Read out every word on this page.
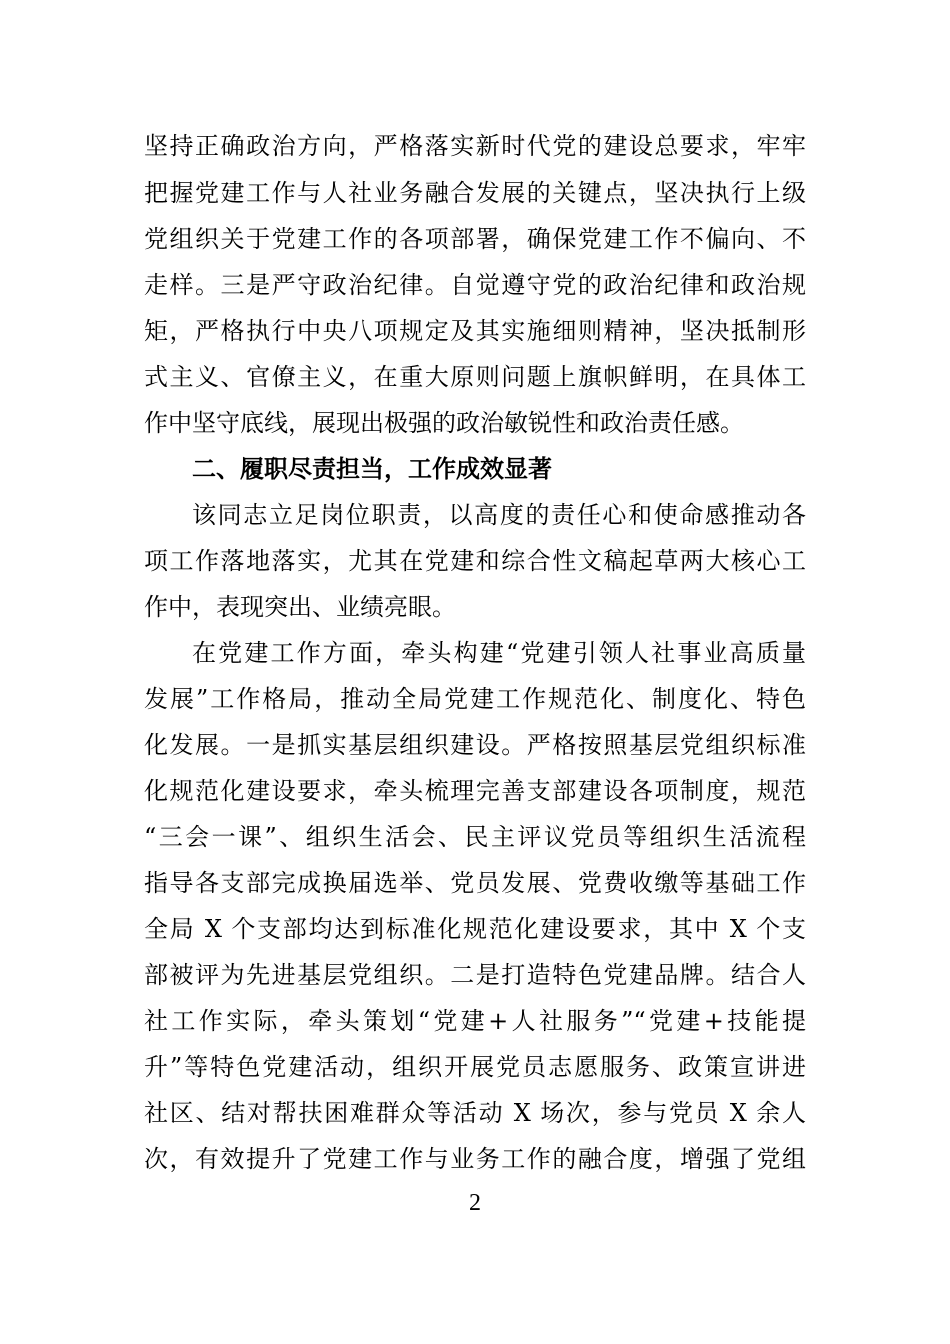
坚持正确政治方向，严格落实新时代党的建设总要求，牢牢
把握党建工作与人社业务融合发展的关键点，坚决执行上级
党组织关于党建工作的各项部署，确保党建工作不偏向、不
走样。三是严守政治纪律。自觉遵守党的政治纪律和政治规
矩，严格执行中央八项规定及其实施细则精神，坚决抵制形
式主义、官僚主义，在重大原则问题上旗帜鲜明，在具体工
作中坚守底线，展现出极强的政治敏锐性和政治责任感。
二、履职尽责担当，工作成效显著
该同志立足岗位职责，以高度的责任心和使命感推动各
项工作落地落实，尤其在党建和综合性文稿起草两大核心工
作中，表现突出、业绩亮眼。
在党建工作方面，牵头构建“党建引领人社事业高质量
发展”工作格局，推动全局党建工作规范化、制度化、特色
化发展。一是抓实基层组织建设。严格按照基层党组织标准
化规范化建设要求，牵头梳理完善支部建设各项制度，规范
“三会一课”、组织生活会、民主评议党员等组织生活流程
指导各支部完成换届选举、党员发展、党费收缴等基础工作
全局 X 个支部均达到标准化规范化建设要求，其中 X 个支
部被评为先进基层党组织。二是打造特色党建品牌。结合人
社工作实际，牵头策划“党建+人社服务”“党建+技能提
升”等特色党建活动，组织开展党员志愿服务、政策宣讲进
社区、结对帮扶困难群众等活动 X 场次，参与党员 X 余人
次，有效提升了党建工作与业务工作的融合度，增强了党组
2
